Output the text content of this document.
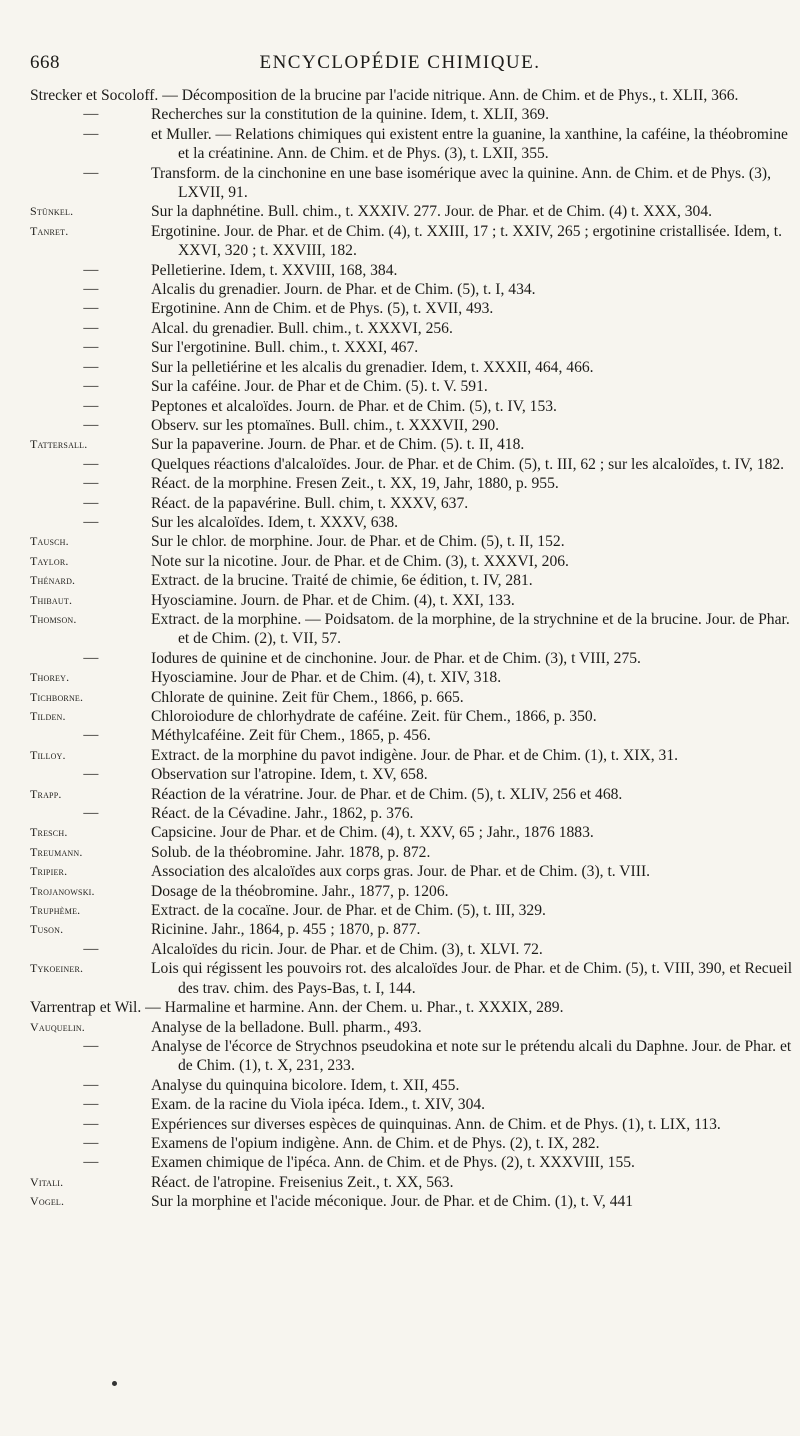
668	ENCYCLOPÉDIE CHIMIQUE.
Strecker et Socoloff. — Décomposition de la brucine par l'acide nitrique. Ann. de Chim. et de Phys., t. XLII, 366.
—	Recherches sur la constitution de la quinine. Idem, t. XLII, 369.
—	et Muller. — Relations chimiques qui existent entre la guanine, la xanthine, la caféine, la théobromine et la créatinine. Ann. de Chim. et de Phys. (3), t. LXII, 355.
—	Transform. de la cinchonine en une base isomérique avec la quinine. Ann. de Chim. et de Phys. (3), LXVII, 91.
Stünkel.	Sur la daphnétine. Bull. chim., t. XXXIV. 277. Jour. de Phar. et de Chim. (4) t. XXX, 304.
Tanret.	Ergotinine. Jour. de Phar. et de Chim. (4), t. XXIII, 17 ; t. XXIV, 265 ; ergotinine cristallisée. Idem, t. XXVI, 320 ; t. XXVIII, 182.
—	Pelletierine. Idem, t. XXVIII, 168, 384.
—	Alcalis du grenadier. Journ. de Phar. et de Chim. (5), t. I, 434.
—	Ergotinine. Ann de Chim. et de Phys. (5), t. XVII, 493.
—	Alcal. du grenadier. Bull. chim., t. XXXVI, 256.
—	Sur l'ergotinine. Bull. chim., t. XXXI, 467.
—	Sur la pelletiérine et les alcalis du grenadier. Idem, t. XXXII, 464, 466.
—	Sur la caféine. Jour. de Phar et de Chim. (5). t. V. 591.
—	Peptones et alcaloïdes. Journ. de Phar. et de Chim. (5), t. IV, 153.
—	Observ. sur les ptomaïnes. Bull. chim., t. XXXVII, 290.
Tattersall.	Sur la papaverine. Journ. de Phar. et de Chim. (5). t. II, 418.
—	Quelques réactions d'alcaloïdes. Jour. de Phar. et de Chim. (5), t. III, 62 ; sur les alcaloïdes, t. IV, 182.
—	Réact. de la morphine. Fresen Zeit., t. XX, 19, Jahr, 1880, p. 955.
—	Réact. de la papavérine. Bull. chim, t. XXXV, 637.
—	Sur les alcaloïdes. Idem, t. XXXV, 638.
Tausch.	Sur le chlor. de morphine. Jour. de Phar. et de Chim. (5), t. II, 152.
Taylor.	Note sur la nicotine. Jour. de Phar. et de Chim. (3), t. XXXVI, 206.
Thénard.	Extract. de la brucine. Traité de chimie, 6e édition, t. IV, 281.
Thibaut.	Hyosciamine. Journ. de Phar. et de Chim. (4), t. XXI, 133.
Thomson.	Extract. de la morphine. — Poidsatom. de la morphine, de la strychnine et de la brucine. Jour. de Phar. et de Chim. (2), t. VII, 57.
—	Iodures de quinine et de cinchonine. Jour. de Phar. et de Chim. (3), t VIII, 275.
Thorey.	Hyosciamine. Jour de Phar. et de Chim. (4), t. XIV, 318.
Tichborne.	Chlorate de quinine. Zeit für Chem., 1866, p. 665.
Tilden.	Chloroiodure de chlorhydrate de caféine. Zeit. für Chem., 1866, p. 350.
—	Méthylcaféine. Zeit für Chem., 1865, p. 456.
Tilloy.	Extract. de la morphine du pavot indigène. Jour. de Phar. et de Chim. (1), t. XIX, 31.
—	Observation sur l'atropine. Idem, t. XV, 658.
Trapp.	Réaction de la vératrine. Jour. de Phar. et de Chim. (5), t. XLIV, 256 et 468.
—	Réact. de la Cévadine. Jahr., 1862, p. 376.
Tresch.	Capsicine. Jour de Phar. et de Chim. (4), t. XXV, 65 ; Jahr., 1876 1883.
Treumann.	Solub. de la théobromine. Jahr. 1878, p. 872.
Tripier.	Association des alcaloïdes aux corps gras. Jour. de Phar. et de Chim. (3), t. VIII.
Trojanowski.	Dosage de la théobromine. Jahr., 1877, p. 1206.
Truphème.	Extract. de la cocaïne. Jour. de Phar. et de Chim. (5), t. III, 329.
Tuson.	Ricinine. Jahr., 1864, p. 455 ; 1870, p. 877.
—	Alcaloïdes du ricin. Jour. de Phar. et de Chim. (3), t. XLVI. 72.
Tykoeiner.	Lois qui régissent les pouvoirs rot. des alcaloïdes Jour. de Phar. et de Chim. (5), t. VIII, 390, et Recueil des trav. chim. des Pays-Bas, t. I, 144.
Varrentrap et Wil. — Harmaline et harmine. Ann. der Chem. u. Phar., t. XXXIX, 289.
Vauquelin.	Analyse de la belladone. Bull. pharm., 493.
—	Analyse de l'écorce de Strychnos pseudokina et note sur le prétendu alcali du Daphne. Jour. de Phar. et de Chim. (1), t. X, 231, 233.
—	Analyse du quinquina bicolore. Idem, t. XII, 455.
—	Exam. de la racine du Viola ipéca. Idem., t. XIV, 304.
—	Expériences sur diverses espèces de quinquinas. Ann. de Chim. et de Phys. (1), t. LIX, 113.
—	Examens de l'opium indigène. Ann. de Chim. et de Phys. (2), t. IX, 282.
—	Examen chimique de l'ipéca. Ann. de Chim. et de Phys. (2), t. XXXVIII, 155.
Vitali.	Réact. de l'atropine. Freisenius Zeit., t. XX, 563.
Vogel.	Sur la morphine et l'acide méconique. Jour. de Phar. et de Chim. (1), t. V, 441
